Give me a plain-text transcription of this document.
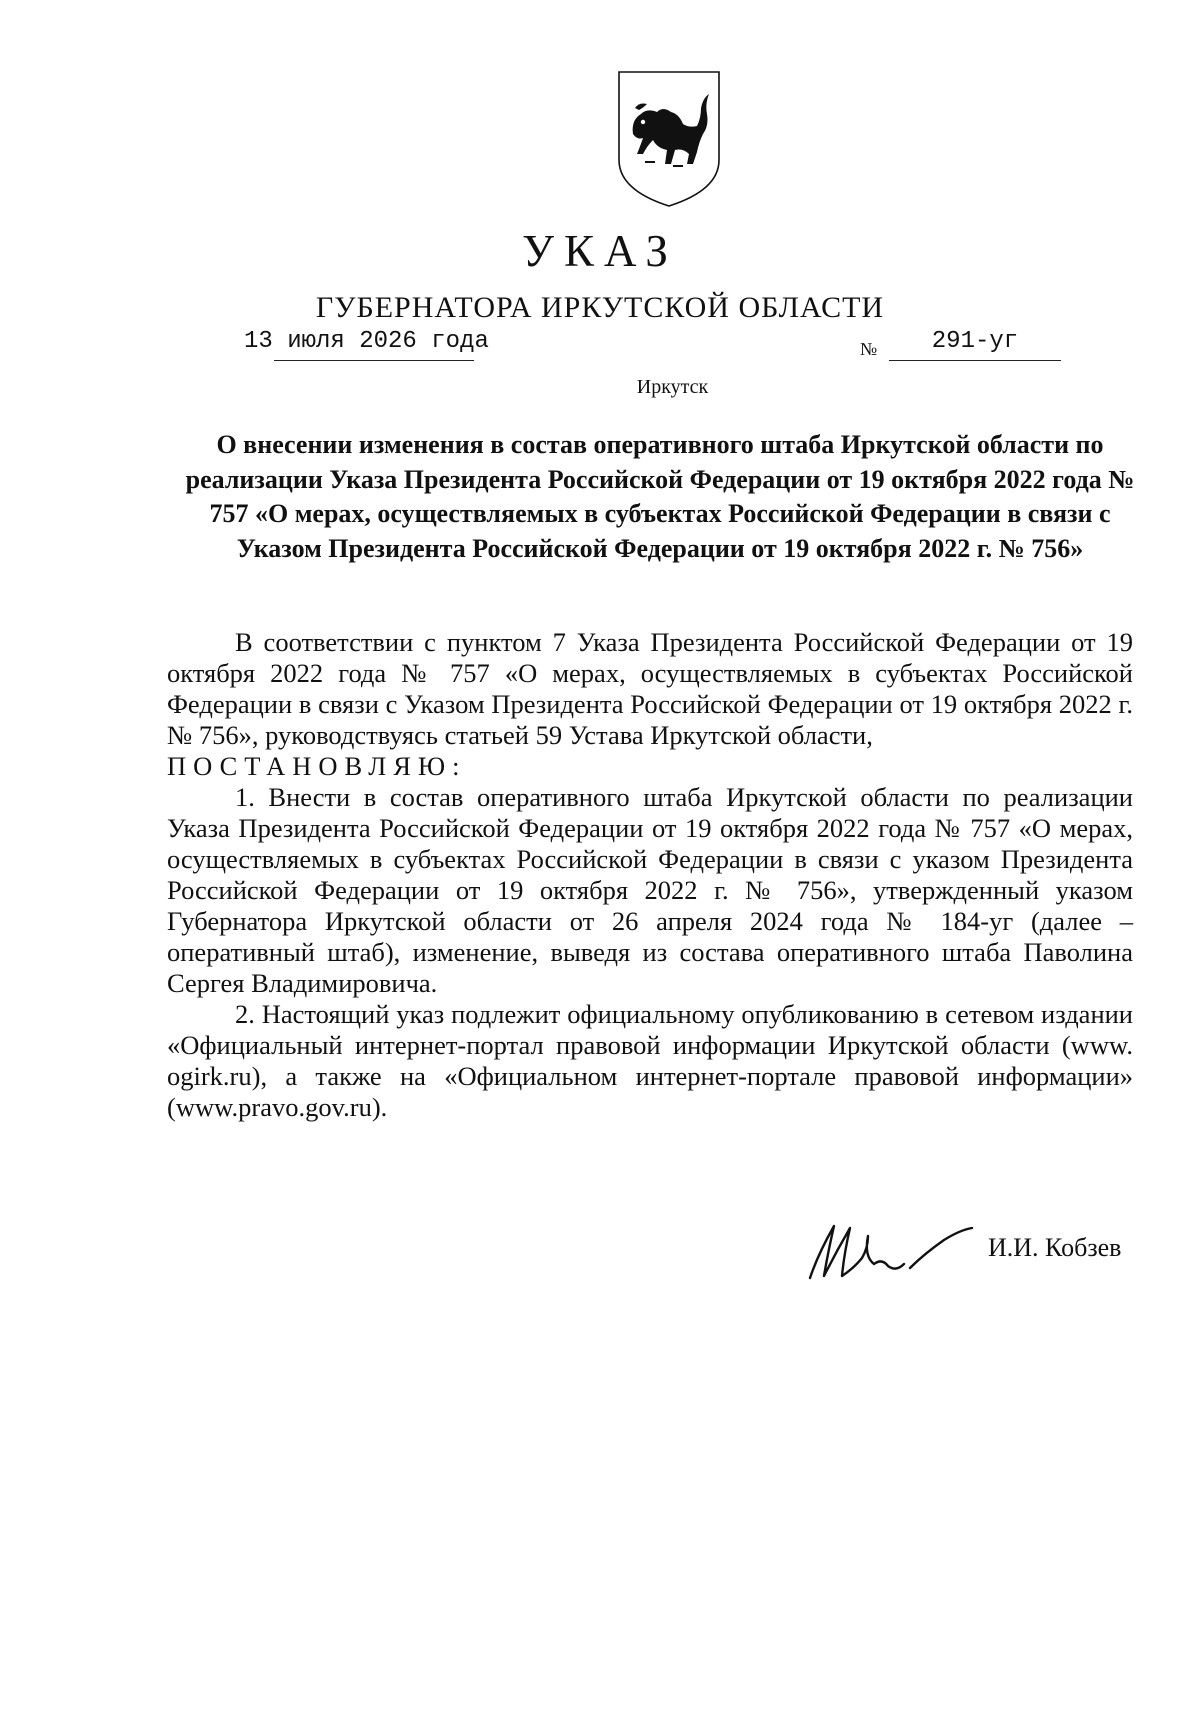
УКАЗ
ГУБЕРНАТОРА ИРКУТСКОЙ ОБЛАСТИ
13 июля 2026 года	№	291-уг
Иркутск
О внесении изменения в состав оперативного штаба Иркутской области по реализации Указа Президента Российской Федерации от 19 октября 2022 года № 757 «О мерах, осуществляемых в субъектах Российской Федерации в связи с Указом Президента Российской Федерации от 19 октября 2022 г. № 756»

В соответствии с пунктом 7 Указа Президента Российской Федерации от 19 октября 2022 года № 757 «О мерах, осуществляемых в субъектах Российской Федерации в связи с Указом Президента Российской Федерации от 19 октября 2022 г. № 756», руководствуясь статьей 59 Устава Иркутской области,

ПОСТАНОВЛЯЮ:

1. Внести в состав оперативного штаба Иркутской области по реализации Указа Президента Российской Федерации от 19 октября 2022 года № 757 «О мерах, осуществляемых в субъектах Российской Федерации в связи с указом Президента Российской Федерации от 19 октября 2022 г. № 756», утвержденный указом Губернатора Иркутской области от 26 апреля 2024 года № 184-уг (далее – оперативный штаб), изменение, выведя из состава оперативного штаба Паволина Сергея Владимировича.

2. Настоящий указ подлежит официальному опубликованию в сетевом издании «Официальный интернет-портал правовой информации Иркутской области (www. ogirk.ru), а также на «Официальном интернет-портале правовой информации» (www.pravo.gov.ru).

И.И. Кобзев
